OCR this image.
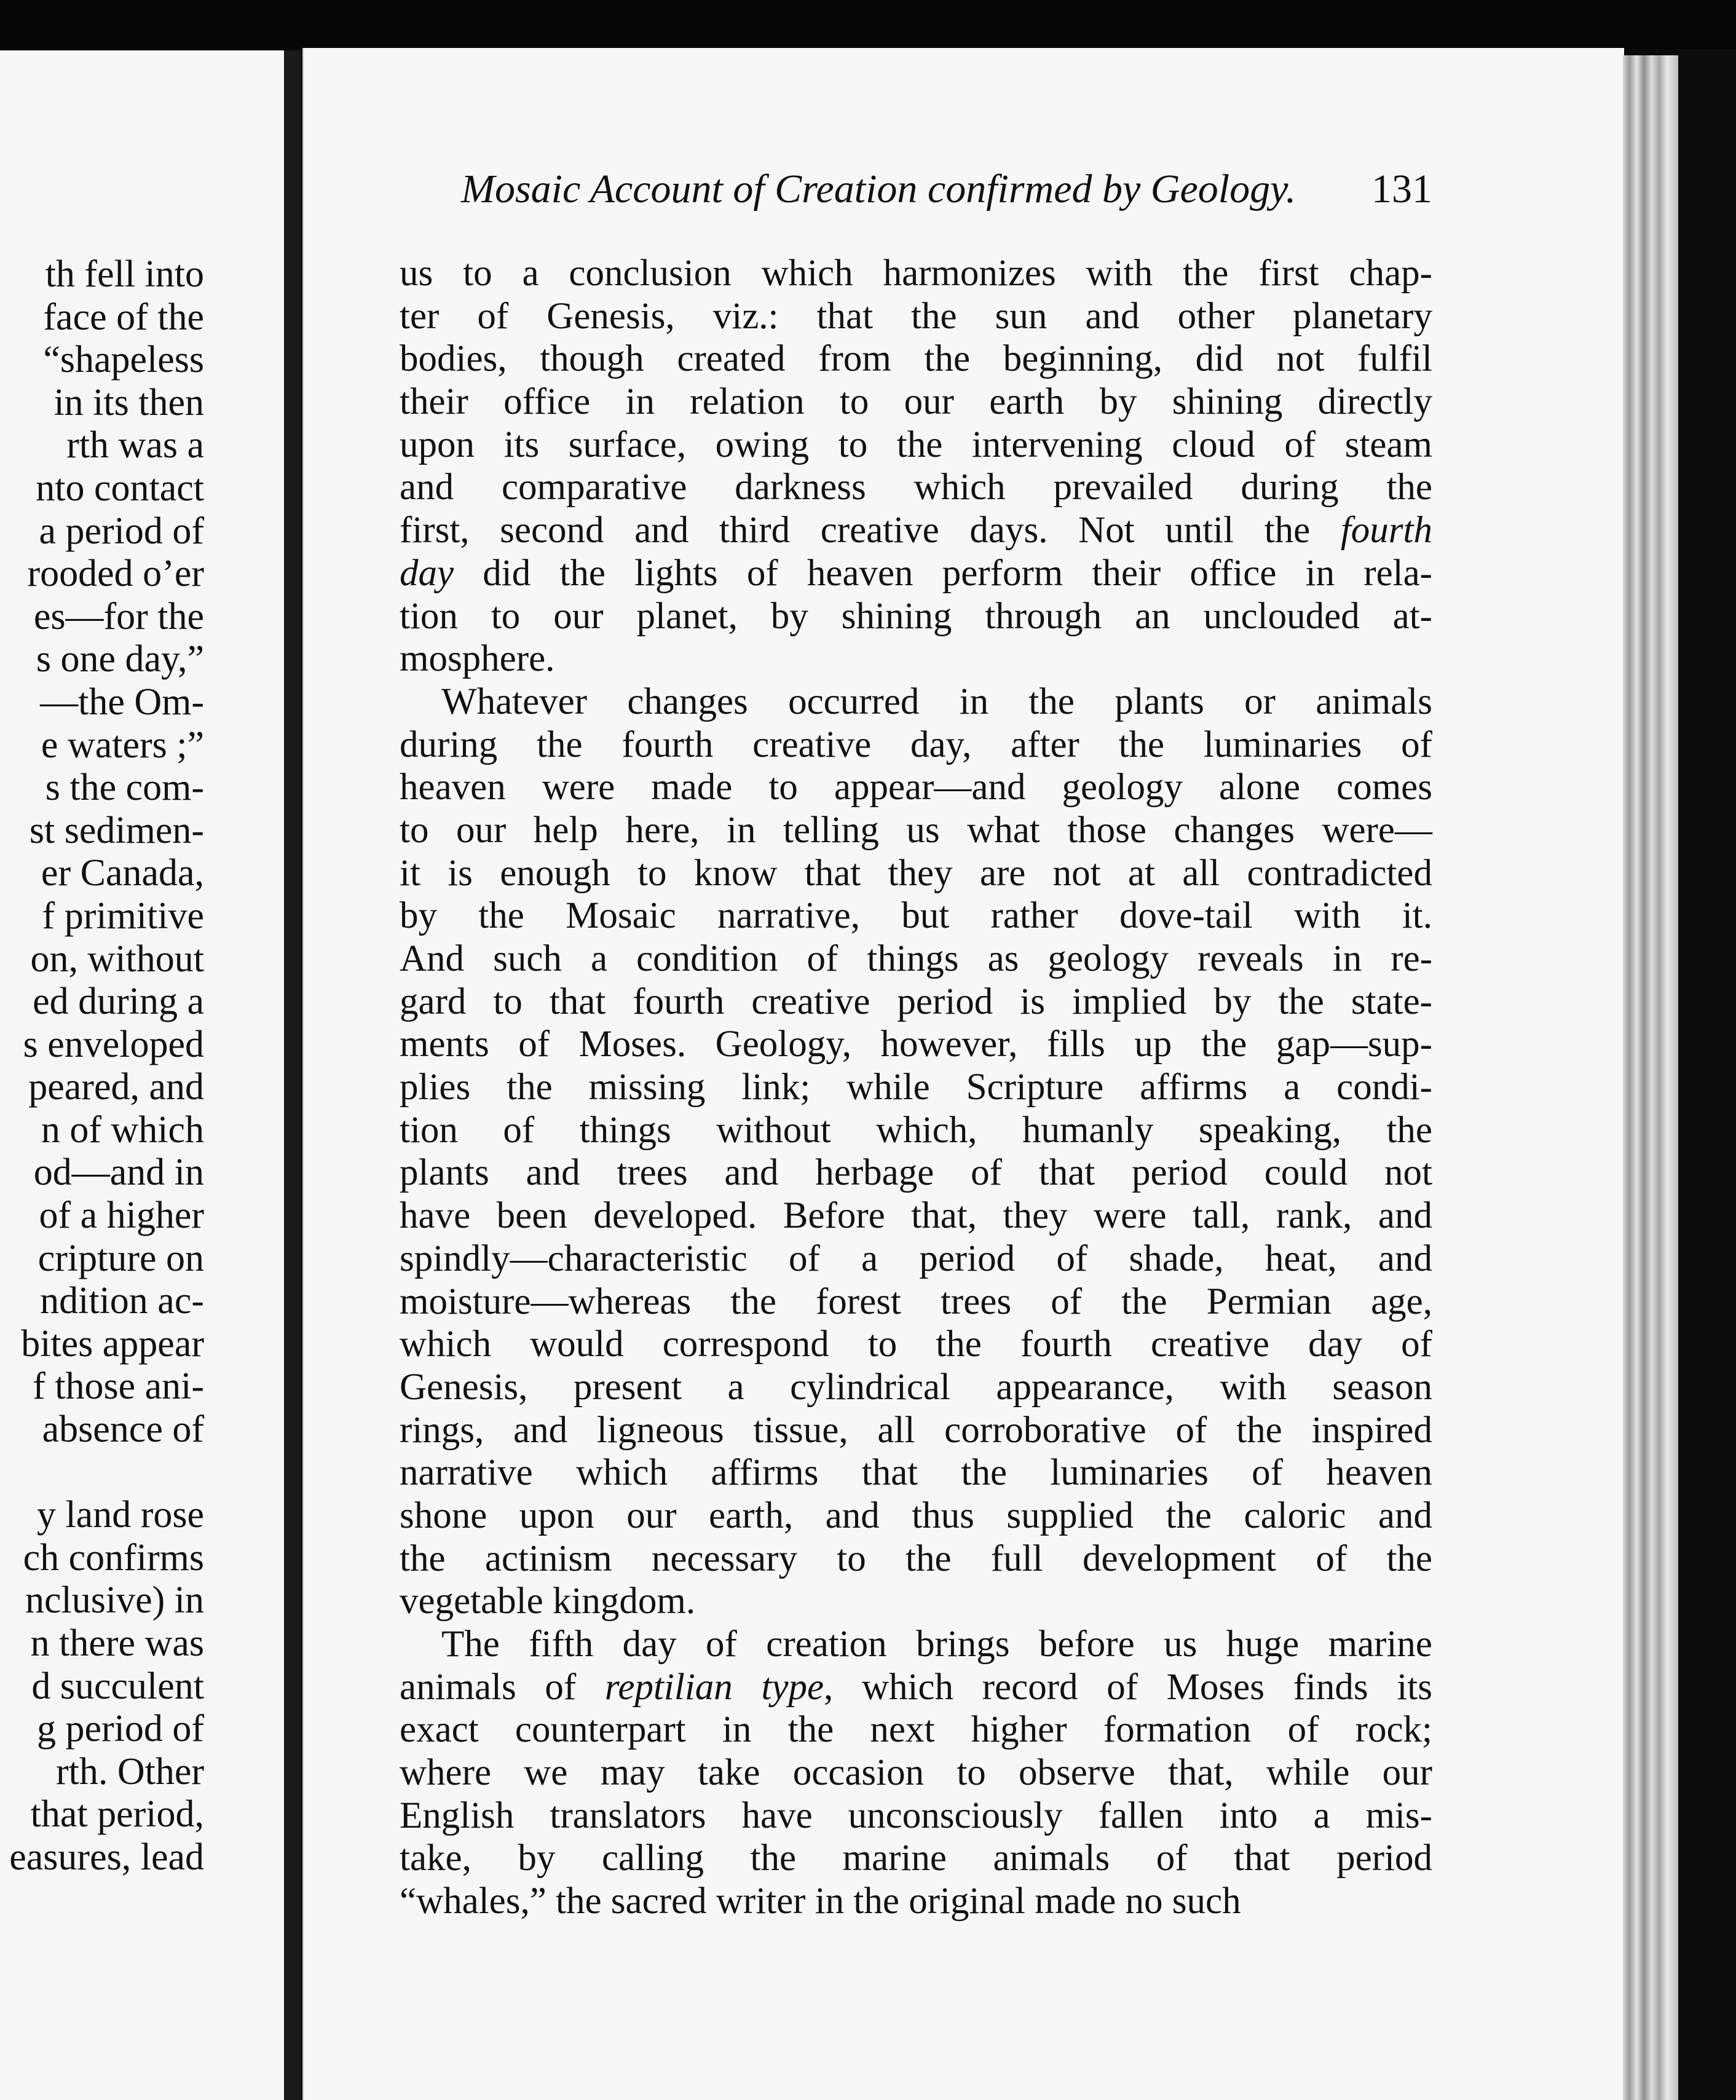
th fell into
face of the
“shapeless
in its then
rth was a
nto contact
a period of
rooded o’er
es—for the
s one day,”
—the Om-
e waters ;”
s the com-
st sedimen-
er Canada,
f primitive
on, without
ed during a
s enveloped
peared, and
n of which
od—and in
of a higher
cripture on
ndition ac-
bites appear
f those ani-
absence of

y land rose
ch confirms
nclusive) in
n there was
d succulent
g period of
rth. Other
that period,
easures, lead
Mosaic Account of Creation confirmed by Geology. 131
us to a conclusion which harmonizes with the first chap-
ter of Genesis, viz.: that the sun and other planetary
bodies, though created from the beginning, did not fulfil
their office in relation to our earth by shining directly
upon its surface, owing to the intervening cloud of steam
and comparative darkness which prevailed during the
first, second and third creative days. Not until the fourth
day did the lights of heaven perform their office in rela-
tion to our planet, by shining through an unclouded at-
mosphere.
Whatever changes occurred in the plants or animals
during the fourth creative day, after the luminaries of
heaven were made to appear—and geology alone comes
to our help here, in telling us what those changes were—
it is enough to know that they are not at all contradicted
by the Mosaic narrative, but rather dove-tail with it.
And such a condition of things as geology reveals in re-
gard to that fourth creative period is implied by the state-
ments of Moses. Geology, however, fills up the gap—sup-
plies the missing link; while Scripture affirms a condi-
tion of things without which, humanly speaking, the
plants and trees and herbage of that period could not
have been developed. Before that, they were tall, rank, and
spindly—characteristic of a period of shade, heat, and
moisture—whereas the forest trees of the Permian age,
which would correspond to the fourth creative day of
Genesis, present a cylindrical appearance, with season
rings, and ligneous tissue, all corroborative of the inspired
narrative which affirms that the luminaries of heaven
shone upon our earth, and thus supplied the caloric and
the actinism necessary to the full development of the
vegetable kingdom.
The fifth day of creation brings before us huge marine
animals of reptilian type, which record of Moses finds its
exact counterpart in the next higher formation of rock;
where we may take occasion to observe that, while our
English translators have unconsciously fallen into a mis-
take, by calling the marine animals of that period
“whales,” the sacred writer in the original made no such
